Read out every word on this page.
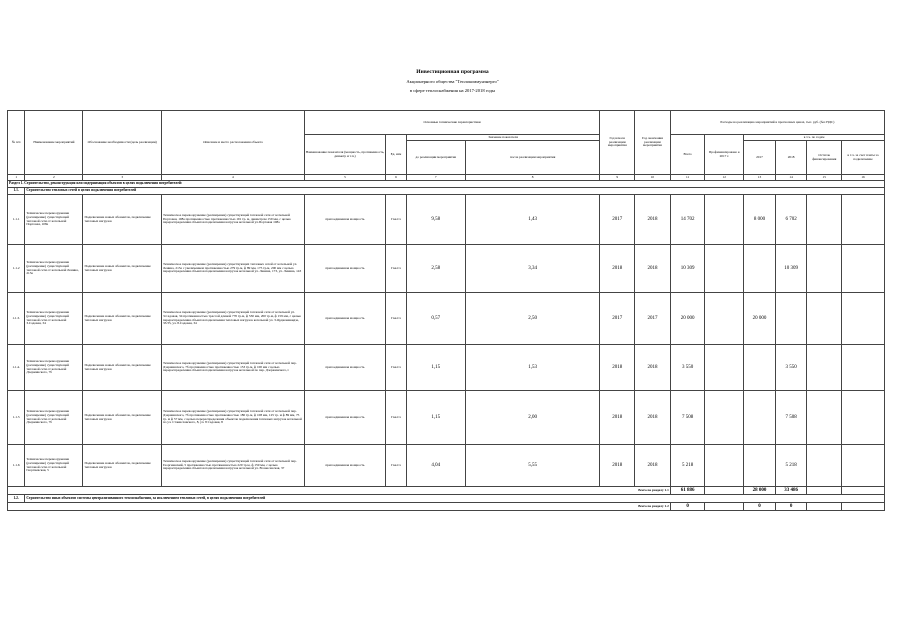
Инвестиционная программа
Акционерного общества "Теплокоммунэнерго"
в сфере теплоснабжения на 2017-2018 годы
№ п/п	Наименование мероприятий	Обоснование необходимости (цель реализации)	Описание и место расположения объекта	Основные технические характеристики				Год начала реализации мероприятия	Год окончания реализации мероприятия	Расходы на реализацию мероприятий в прогнозных ценах, тыс. руб. (без НДС)					
				Наименование показателя (мощность, протяженность, диаметр и т.п.)	Ед. изм	Значение показателя				Всего	Профинансировано к 2017 г.	в т.ч. по годам			
						до реализации мероприятия	после реализации мероприятия					2017	2018	Остаток финансирования	в т.ч. за счет платы за подключение
1	2	3	4	5	6	7	8	9	10	11	12	13	14	15	16
Раздел 1. Строительство, реконструкция или модернизация объектов в целях подключения потребителей:															
1.1.	Строительство тепловых сетей в целях подключения потребителей														
1.1.1	Техническое перевооружение (расширение) существующей тепловой сети от котельной Портовая, 108а	Подключение новых абонентов, подключение тепловых нагрузок	Техническое перевооружение (расширение) существующей тепловой сети от котельной Портовая, 108а протяженностью протяженностью 191 тр. м, диаметром 159 мм, с целью перераспределения объектов подключения нагрузок котельной ул.Портовая 108а	присоединенная мощность	Гкал/ч	9,58	1,43	2017	2018	14 702		8 000	6 702		
1.1.2	Техническое перевооружение (расширение) существующей тепловой сети от котельной Ленина, 213а	Подключение новых абонентов, подключение тепловых нагрузок	Техническое перевооружение (расширение) существующих тепловых сетей от котельной ул. Ленина, 213а с увеличением протяженностью 279 тр.м, ф 89 мм, 175 тр.м, 200 мм с целью перераспределения объектов подключения нагрузок котельной ул. Ленина, 173, ул. Ленина, 143	присоединенная мощность	Гкал/ч	2,58	3,34	2018	2018	10 309			10 309		
1.1.3.	Техническое перевооружение (расширение) существующей тепловой сети от котельной З.Садовая, 34	Подключение новых абонентов, подключение тепловых нагрузок	Техническое перевооружение (расширение) существующей тепловой сети от котельной ул. З.Садовая, 34 протяженностью трассой длиной 770 тр.м, ф 530 мм, 200 тр.м, ф 159 мм, с целью перераспределения объектов подключения тепловых нагрузок котельной ул. З.Орджоникидзе, 33/35, ул. 8.Садовая, 34	присоединенная мощность	Гкал/ч	0,57	2,50	2017	2017	20 000		20 000			
1.1.4.	Техническое перевооружение (расширение) существующей тепловой сети от котельной Дзержинского, 7б	Подключение новых абонентов, подключение тепловых нагрузок	Техническое перевооружение (расширение) существующей тепловой сети от котельной пер. Дзержинского, 7б протяженностью протяженностью 153 тр.м, ф 100 мм с целью перераспределения объектов подключения нагрузок котельной по пер. Дзержинского,1	присоединенная мощность	Гкал/ч	1,15	1,53	2018	2018	3 550			3 550		
1.1.5	Техническое перевооружение (расширение) существующей тепловой сети от котельной Дзержинского, 7б	Подключение новых абонентов, подключение тепловых нагрузок	Техническое перевооружение (расширение) существующей тепловой сети от котельной пер. Дзержинского, 7б протяженностью протяженностью 180 тр.м, ф 108 мм, 125 тр. м ф 89 мм, 75 тр. м ф 57 мм, с целью перераспределения объектов подключения тепловых нагрузок котельной по ул. Станиславского, 8, ул. 8 Садовая, 8	присоединенная мощность	Гкал/ч	1,15	2,00	2018	2018	7 508			7 508		
1.1.6	Техническое перевооружение (расширение) существующей тепловой сети от котельной Георгиевская, 5	Подключение новых абонентов, подключение тепловых нагрузок	Техническое перевооружение (расширение) существующей тепловой сети от котельной пер. Георгиевский, 5 протяженностью протяженностью 220 тр.м, ф 159 мм, с целью перераспределения объектов подключения нагрузок котельной ул. Вознесенская, 37	присоединенная мощность	Гкал/ч	4,04	5,55	2018	2018	5 218			5 218		
Всего по разделу 1.1										61 886		28 000	33 486		
1.2.	Строительство иных объектов системы централизованного теплоснабжения, за исключением тепловых сетей, в целях подключения потребителей														
Всего по разделу 1.2										0		0	0		
